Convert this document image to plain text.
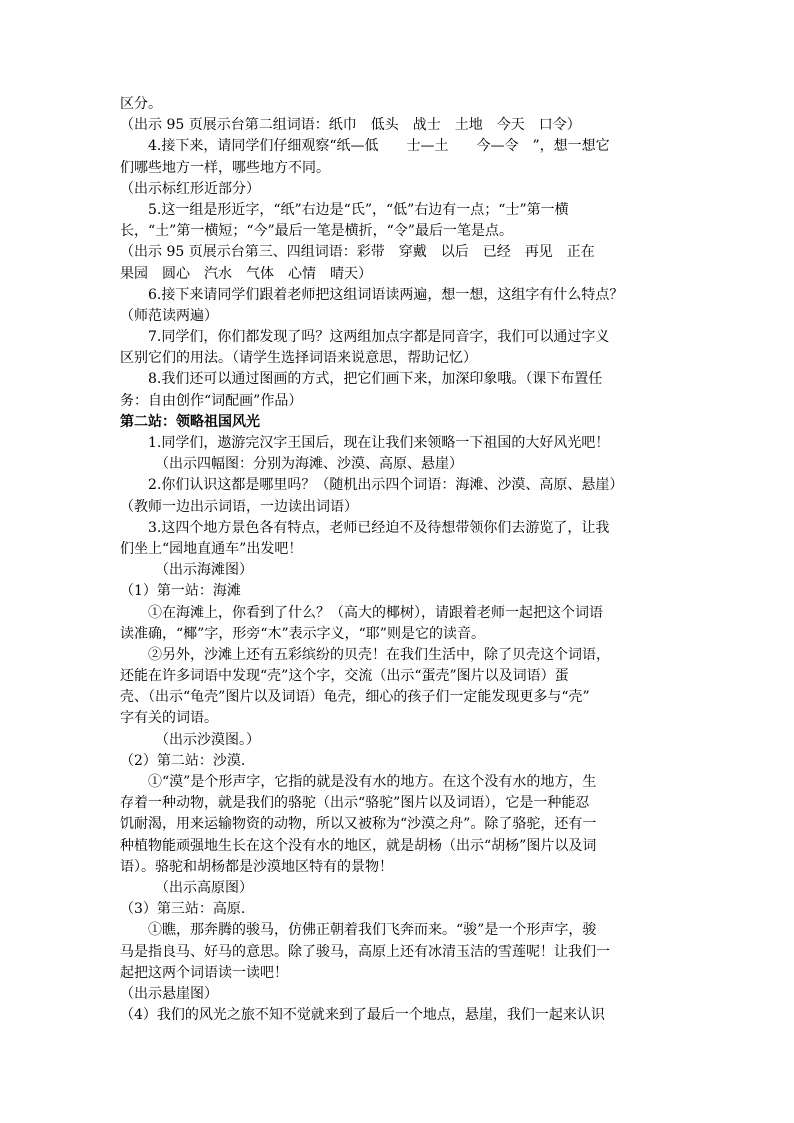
区分。
（出示 95 页展示台第二组词语：纸巾　低头　战士　土地　今天　口令）
4.接下来，请同学们仔细观察“纸—低　　士—土　　今—令　”，想一想它
们哪些地方一样，哪些地方不同。
（出示标红形近部分）
5.这一组是形近字，“纸”右边是“氏”，“低”右边有一点；“士”第一横
长，“土”第一横短；“今”最后一笔是横折，“令”最后一笔是点。
（出示 95 页展示台第三、四组词语：彩带　穿戴　以后　已经　再见　正在
果园　圆心　汽水　气体　心情　晴天）
6.接下来请同学们跟着老师把这组词语读两遍，想一想，这组字有什么特点？
（师范读两遍）
7.同学们，你们都发现了吗？这两组加点字都是同音字，我们可以通过字义
区别它们的用法。（请学生选择词语来说意思，帮助记忆）
8.我们还可以通过图画的方式，把它们画下来，加深印象哦。（课下布置任
务：自由创作“词配画”作品）
第二站：领略祖国风光
1.同学们，遨游完汉字王国后，现在让我们来领略一下祖国的大好风光吧！
（出示四幅图：分别为海滩、沙漠、高原、悬崖）
2.你们认识这都是哪里吗？（随机出示四个词语：海滩、沙漠、高原、悬崖）
（教师一边出示词语，一边读出词语）
3.这四个地方景色各有特点，老师已经迫不及待想带领你们去游览了，让我
们坐上“园地直通车”出发吧！
（出示海滩图）
（1）第一站：海滩
①在海滩上，你看到了什么？（高大的椰树），请跟着老师一起把这个词语
读准确，“椰”字，形旁“木”表示字义，“耶”则是它的读音。
②另外，沙滩上还有五彩缤纷的贝壳！在我们生活中，除了贝壳这个词语，
还能在许多词语中发现“壳”这个字，交流（出示“蛋壳”图片以及词语）蛋
壳、（出示“龟壳”图片以及词语）龟壳，细心的孩子们一定能发现更多与“壳”
字有关的词语。
（出示沙漠图。）
（2）第二站：沙漠.
①“漠”是个形声字，它指的就是没有水的地方。在这个没有水的地方，生
存着一种动物，就是我们的骆驼（出示“骆驼”图片以及词语），它是一种能忍
饥耐渴，用来运输物资的动物，所以又被称为“沙漠之舟”。除了骆驼，还有一
种植物能顽强地生长在这个没有水的地区，就是胡杨（出示“胡杨”图片以及词
语）。骆驼和胡杨都是沙漠地区特有的景物！
（出示高原图）
（3）第三站：高原.
①瞧，那奔腾的骏马，仿佛正朝着我们飞奔而来。“骏”是一个形声字，骏
马是指良马、好马的意思。除了骏马，高原上还有冰清玉洁的雪莲呢！让我们一
起把这两个词语读一读吧！
（出示悬崖图）
（4）我们的风光之旅不知不觉就来到了最后一个地点，悬崖，我们一起来认识
